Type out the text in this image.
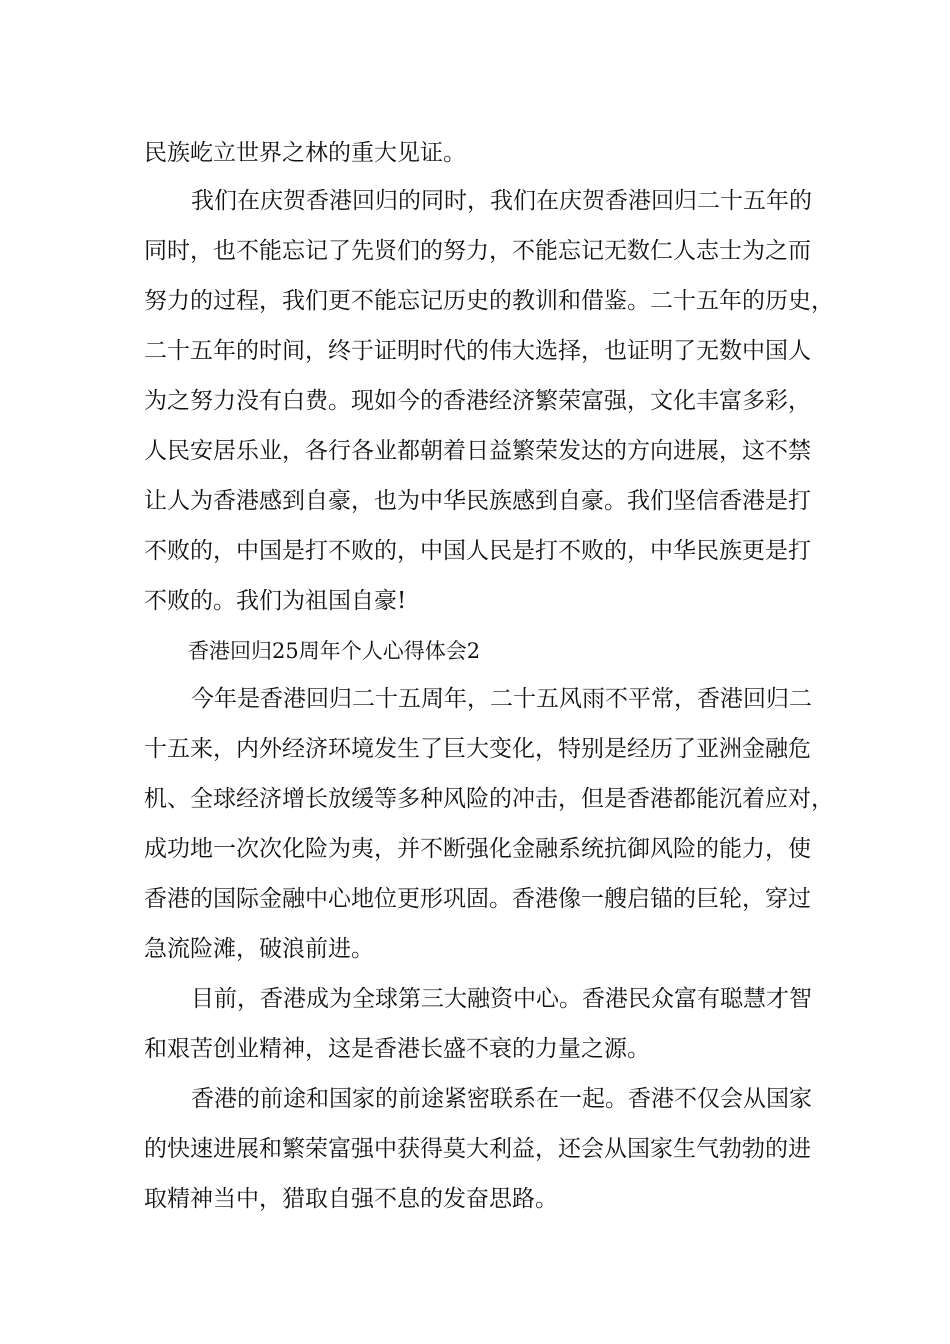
民族屹立世界之林的重大见证。
我们在庆贺香港回归的同时，我们在庆贺香港回归二十五年的
同时，也不能忘记了先贤们的努力，不能忘记无数仁人志士为之而
努力的过程，我们更不能忘记历史的教训和借鉴。二十五年的历史，
二十五年的时间，终于证明时代的伟大选择，也证明了无数中国人
为之努力没有白费。现如今的香港经济繁荣富强，文化丰富多彩，
人民安居乐业，各行各业都朝着日益繁荣发达的方向进展，这不禁
让人为香港感到自豪，也为中华民族感到自豪。我们坚信香港是打
不败的，中国是打不败的，中国人民是打不败的，中华民族更是打
不败的。我们为祖国自豪!
香港回归25周年个人心得体会2
今年是香港回归二十五周年，二十五风雨不平常，香港回归二
十五来，内外经济环境发生了巨大变化，特别是经历了亚洲金融危
机、全球经济增长放缓等多种风险的冲击，但是香港都能沉着应对，
成功地一次次化险为夷，并不断强化金融系统抗御风险的能力，使
香港的国际金融中心地位更形巩固。香港像一艘启锚的巨轮，穿过
急流险滩，破浪前进。
目前，香港成为全球第三大融资中心。香港民众富有聪慧才智
和艰苦创业精神，这是香港长盛不衰的力量之源。
香港的前途和国家的前途紧密联系在一起。香港不仅会从国家
的快速进展和繁荣富强中获得莫大利益，还会从国家生气勃勃的进
取精神当中，猎取自强不息的发奋思路。
